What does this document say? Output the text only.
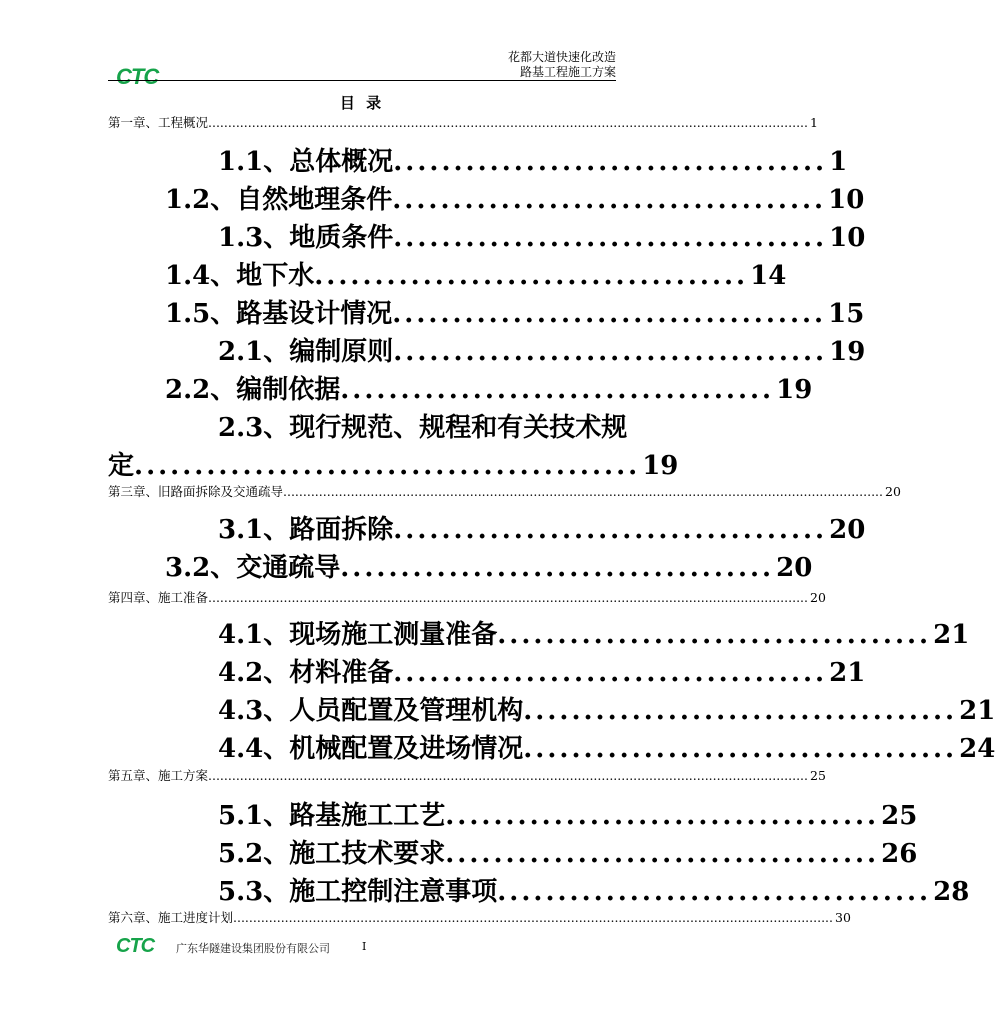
CTC
花都大道快速化改造
路基工程施工方案
目 录
第一章、工程概况 ....................................................................................................................................................... 1
1.1、总体概况 .................................... 1
1.2、自然地理条件 .................................... 10
1.3、地质条件 .................................... 10
1.4、地下水 .................................... 14
1.5、路基设计情况 .................................... 15
2.1、编制原则 .................................... 19
2.2、编制依据 .................................... 19
2.3、现行规范、规程和有关技术规
定 .......................................... 19
第三章、旧路面拆除及交通疏导 ....................................................................................................................................................... 20
3.1、路面拆除 .................................... 20
3.2、交通疏导 .................................... 20
第四章、施工准备 ....................................................................................................................................................... 20
4.1、现场施工测量准备 .................................... 21
4.2、材料准备 .................................... 21
4.3、人员配置及管理机构 .................................... 21
4.4、机械配置及进场情况 .................................... 24
第五章、施工方案 ....................................................................................................................................................... 25
5.1、路基施工工艺 .................................... 25
5.2、施工技术要求 .................................... 26
5.3、施工控制注意事项 .................................... 28
第六章、施工进度计划 ....................................................................................................................................................... 30
CTC 广东华隧建设集团股份有限公司	I
